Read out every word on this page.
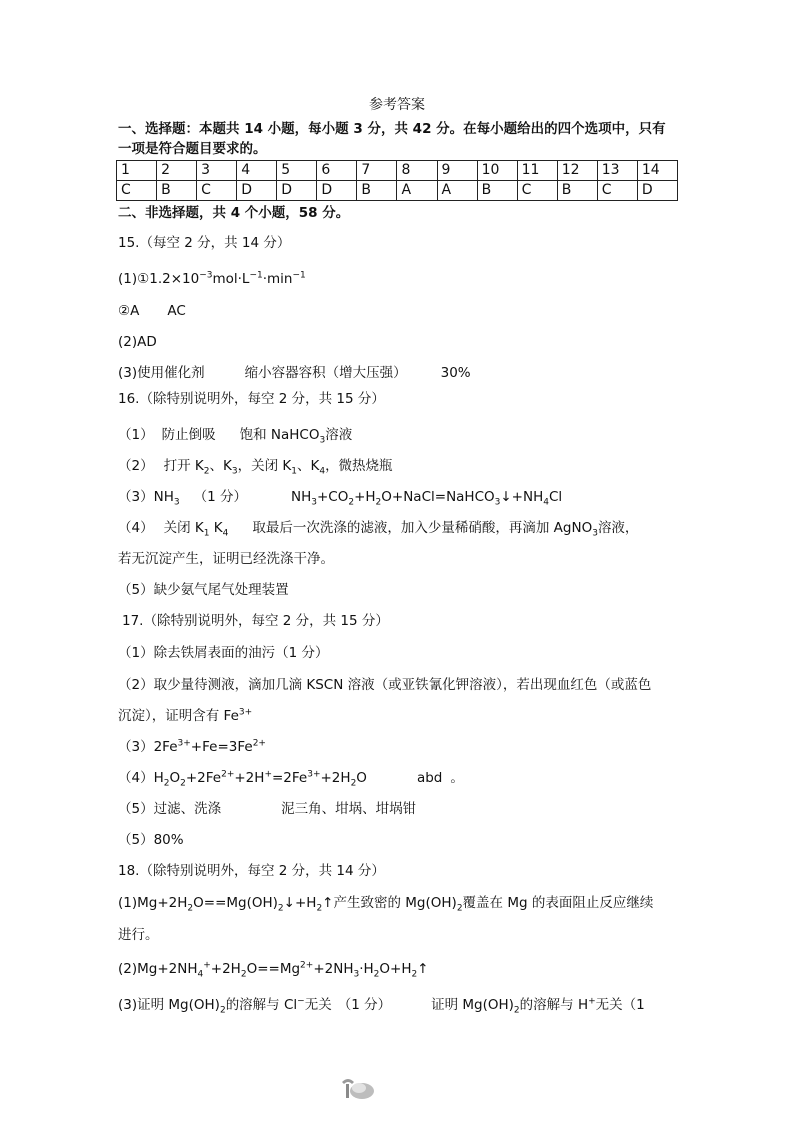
参考答案
一、选择题：本题共 14 小题，每小题 3 分，共 42 分。在每小题给出的四个选项中，只有
一项是符合题目要求的。
1	2	3	4	5	6	7	8	9	10	11	12	13	14
C	B	C	D	D	D	B	A	A	B	C	B	C	D
二、非选择题，共 4 个小题，58 分。
15.（每空 2 分，共 14 分）
$(1)①1.2\times 10^{-3}mol\cdot L^{-1}\cdot\min^{-1}$
②A AC
(2)AD
(3)使用催化剂	缩小容器容积（增大压强）	30%
16.（除特别说明外，每空 2 分，共 15 分）
（1） 防止倒吸 饱和 NaHCO$_3$溶液
（2） 打开 $K_2$、$K_3$，关闭 $K_1$、$K_4$，微热烧瓶
$(3)NH_3$ （1 分）	$NH_3+CO_2+H_2O+NaCl=NaHCO_3↓+NH_4Cl$
（4） 关闭 $K_1$ $K_4$ 取最后一次洗涤的滤液，加入少量稀硝酸，再滴加 AgNO$_3$溶液，
若无沉淀产生，证明已经洗涤干净。
（5）缺少氨气尾气处理装置
17.（除特别说明外，每空 2 分，共 15 分）
（1）除去铁屑表面的油污（1 分）
（2）取少量待测液，滴加几滴 KSCN 溶液（或亚铁氰化钾溶液），若出现血红色（或蓝色
沉淀），证明含有 $Fe^{3+}$
$(3)2Fe^{3+}+Fe=3Fe^{2+}$
$(4)H_2O_2+2Fe^{2+}+2H^+=2Fe^{3+}+2H_2O$	abd 。
（5）过滤、洗涤	泥三角、坩埚、坩埚钳
（5）80%
18.（除特别说明外，每空 2 分，共 14 分）
$(1)Mg+2H_2O==Mg(OH)_2↓+H_2↑$产生致密的 $Mg(OH)_2$覆盖在 Mg 的表面阻止反应继续
进行。
$(2)Mg+2NH_4^++2H_2O==Mg^{2+}+2NH_3\cdot H_2O+H_2↑$
(3)证明 $Mg(OH)_2$的溶解与 Cl−无关 （1 分）	证明 $Mg(OH)_2$的溶解与 H+无关（1
